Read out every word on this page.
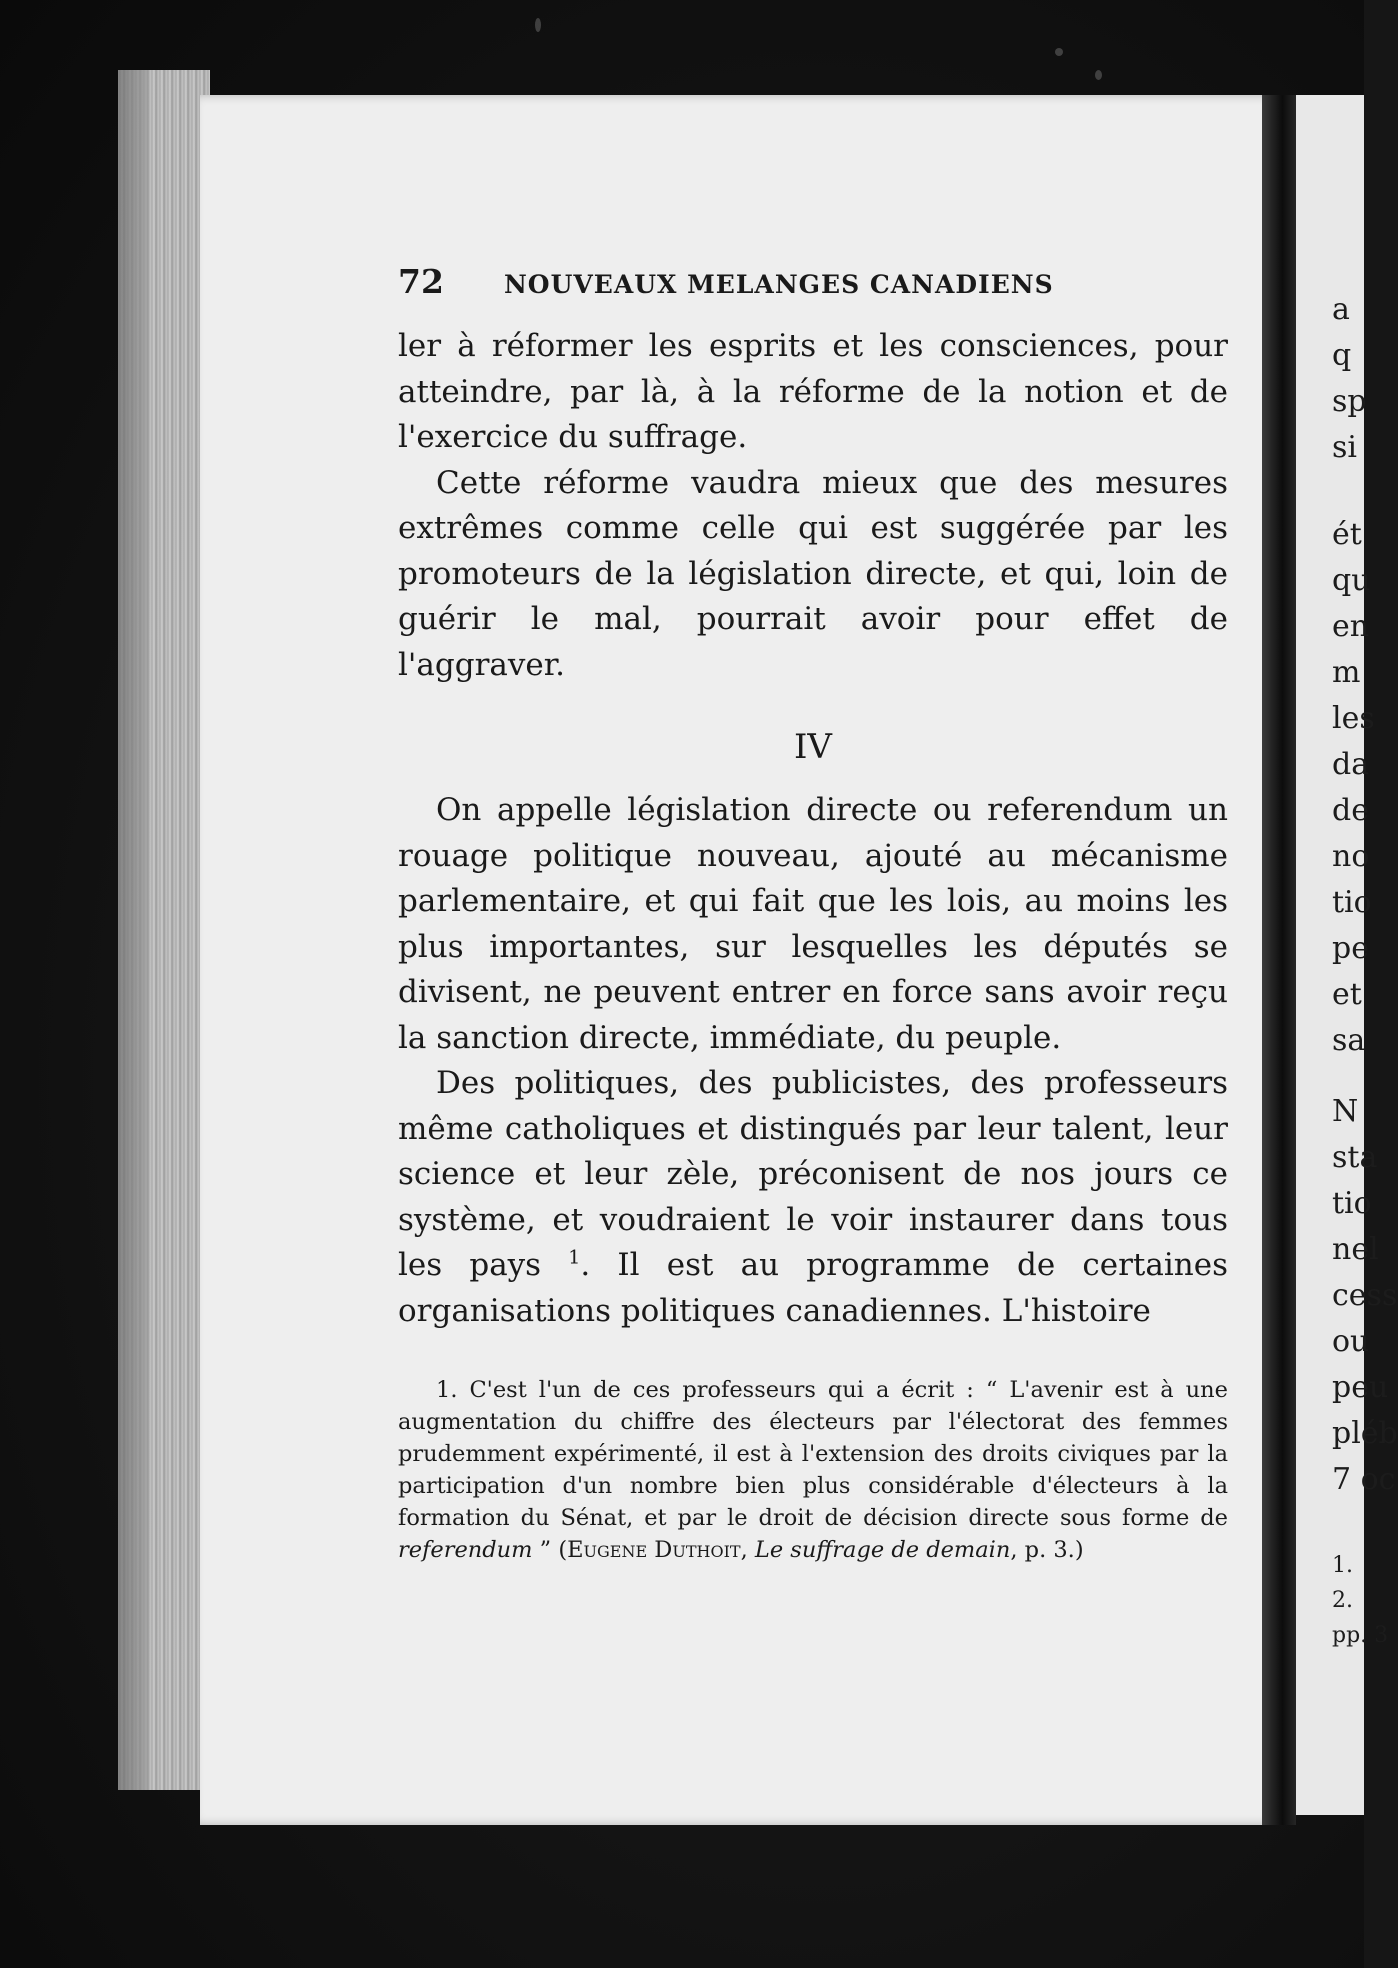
a
q
sp
si
ét
qu
en
m
les
da
de
no
tio
pe
et
sa
N
sta
tio
nel
cess
ou
peu
pléb
7 oc
1.
2.
pp. 3
72 NOUVEAUX MELANGES CANADIENS

ler à réformer les esprits et les consciences, pour atteindre, par là, à la réforme de la notion et de l'exercice du suffrage.

Cette réforme vaudra mieux que des mesures extrêmes comme celle qui est suggérée par les promoteurs de la législation directe, et qui, loin de guérir le mal, pourrait avoir pour effet de l'aggraver.

IV

On appelle législation directe ou referendum un rouage politique nouveau, ajouté au mécanisme parlementaire, et qui fait que les lois, au moins les plus importantes, sur lesquelles les députés se divisent, ne peuvent entrer en force sans avoir reçu la sanction directe, immédiate, du peuple.

Des politiques, des publicistes, des professeurs même catholiques et distingués par leur talent, leur science et leur zèle, préconisent de nos jours ce système, et voudraient le voir instaurer dans tous les pays $^1$. Il est au programme de certaines organisations politiques canadiennes. L'histoire

1. C'est l'un de ces professeurs qui a écrit : “ L'avenir est à une augmentation du chiffre des électeurs par l'électorat des femmes prudemment expérimenté, il est à l'extension des droits civiques par la participation d'un nombre bien plus considérable d'électeurs à la formation du Sénat, et par le droit de décision directe sous forme de referendum ” (Eugene Duthoit, Le suffrage de demain, p. 3.)
